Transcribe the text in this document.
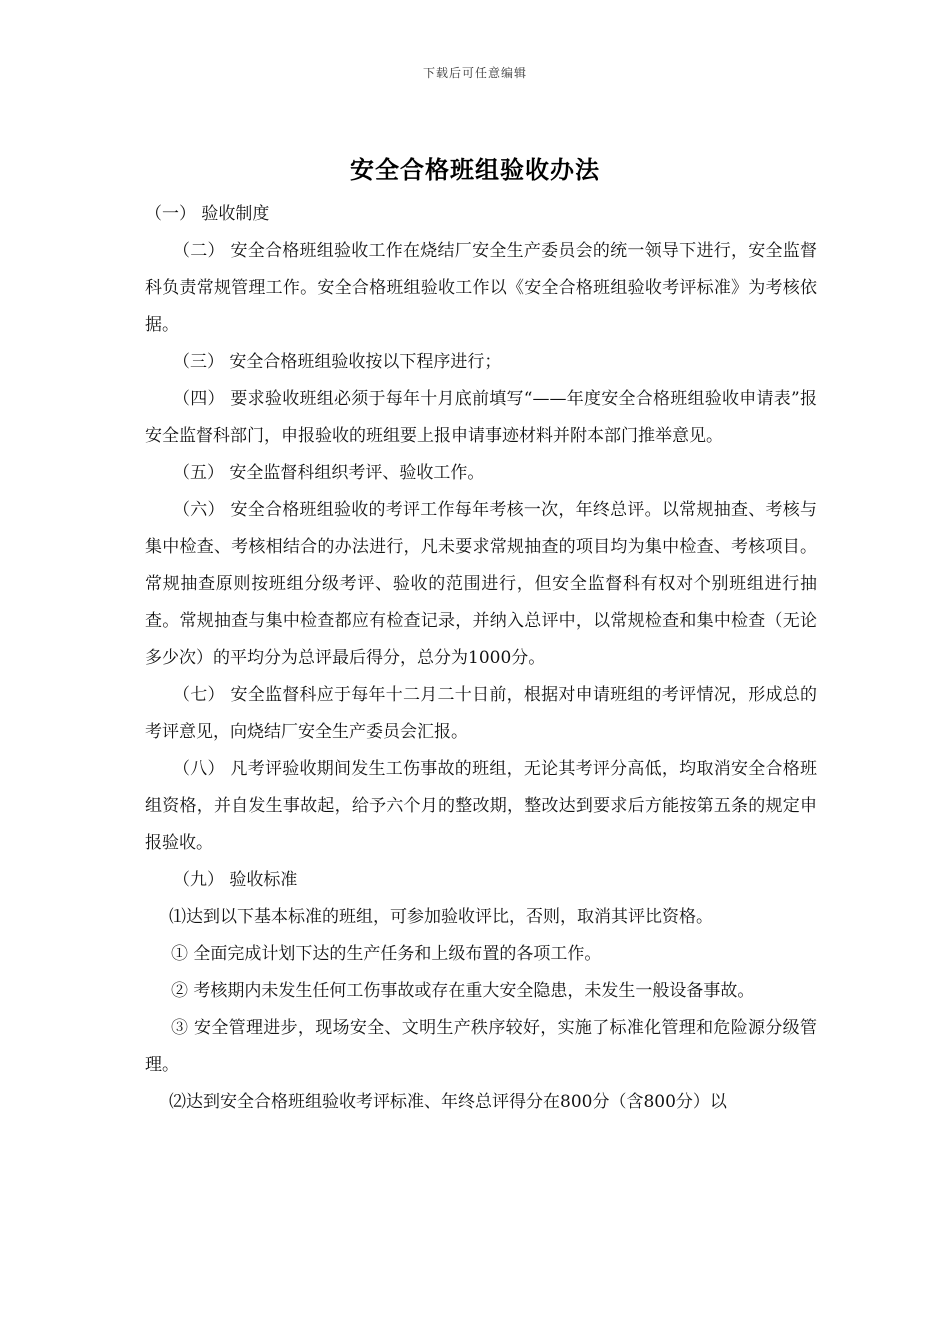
下载后可任意编辑
安全合格班组验收办法

（一） 验收制度

（二） 安全合格班组验收工作在烧结厂安全生产委员会的统一领导下进行，安全监督科负责常规管理工作。安全合格班组验收工作以《安全合格班组验收考评标准》为考核依据。

（三） 安全合格班组验收按以下程序进行；

（四） 要求验收班组必须于每年十月底前填写“——年度安全合格班组验收申请表”报安全监督科部门，申报验收的班组要上报申请事迹材料并附本部门推举意见。

（五） 安全监督科组织考评、验收工作。

（六） 安全合格班组验收的考评工作每年考核一次，年终总评。以常规抽查、考核与集中检查、考核相结合的办法进行，凡未要求常规抽查的项目均为集中检查、考核项目。常规抽查原则按班组分级考评、验收的范围进行，但安全监督科有权对个别班组进行抽查。常规抽查与集中检查都应有检查记录，并纳入总评中，以常规检查和集中检查（无论多少次）的平均分为总评最后得分，总分为1000分。

（七） 安全监督科应于每年十二月二十日前，根据对申请班组的考评情况，形成总的考评意见，向烧结厂安全生产委员会汇报。

（八） 凡考评验收期间发生工伤事故的班组，无论其考评分高低，均取消安全合格班组资格，并自发生事故起，给予六个月的整改期，整改达到要求后方能按第五条的规定申报验收。

（九） 验收标准

⑴达到以下基本标准的班组，可参加验收评比，否则，取消其评比资格。

① 全面完成计划下达的生产任务和上级布置的各项工作。

② 考核期内未发生任何工伤事故或存在重大安全隐患，未发生一般设备事故。

③ 安全管理进步，现场安全、文明生产秩序较好，实施了标准化管理和危险源分级管理。

⑵达到安全合格班组验收考评标准、年终总评得分在800分（含800分）以
